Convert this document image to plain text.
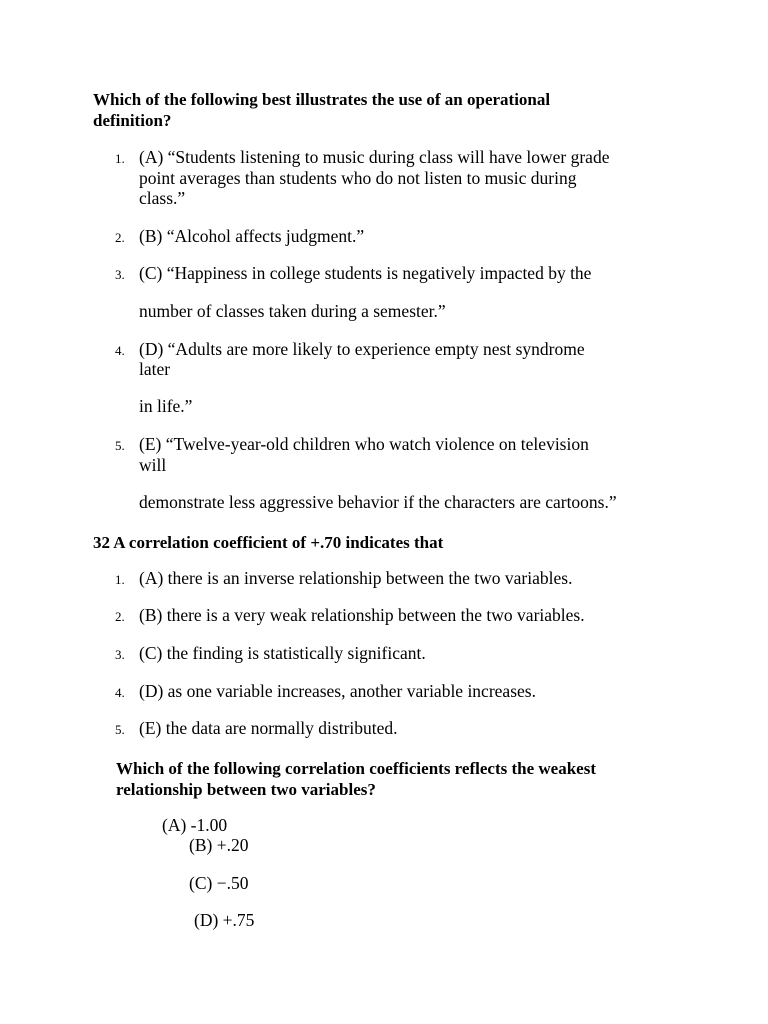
Which of the following best illustrates the use of an operational
definition?
1. (A) “Students listening to music during class will have lower grade
point averages than students who do not listen to music during
class.”
2. (B) “Alcohol affects judgment.”
3. (C) “Happiness in college students is negatively impacted by the
number of classes taken during a semester.”
4. (D) “Adults are more likely to experience empty nest syndrome
later
in life.”
5. (E) “Twelve-year-old children who watch violence on television
will
demonstrate less aggressive behavior if the characters are cartoons.”
32 A correlation coefficient of +.70 indicates that
1. (A) there is an inverse relationship between the two variables.
2. (B) there is a very weak relationship between the two variables.
3. (C) the finding is statistically significant.
4. (D) as one variable increases, another variable increases.
5. (E) the data are normally distributed.
Which of the following correlation coefficients reflects the weakest
relationship between two variables?
(A) -1.00
(B) +.20
(C) −.50
(D) +.75
